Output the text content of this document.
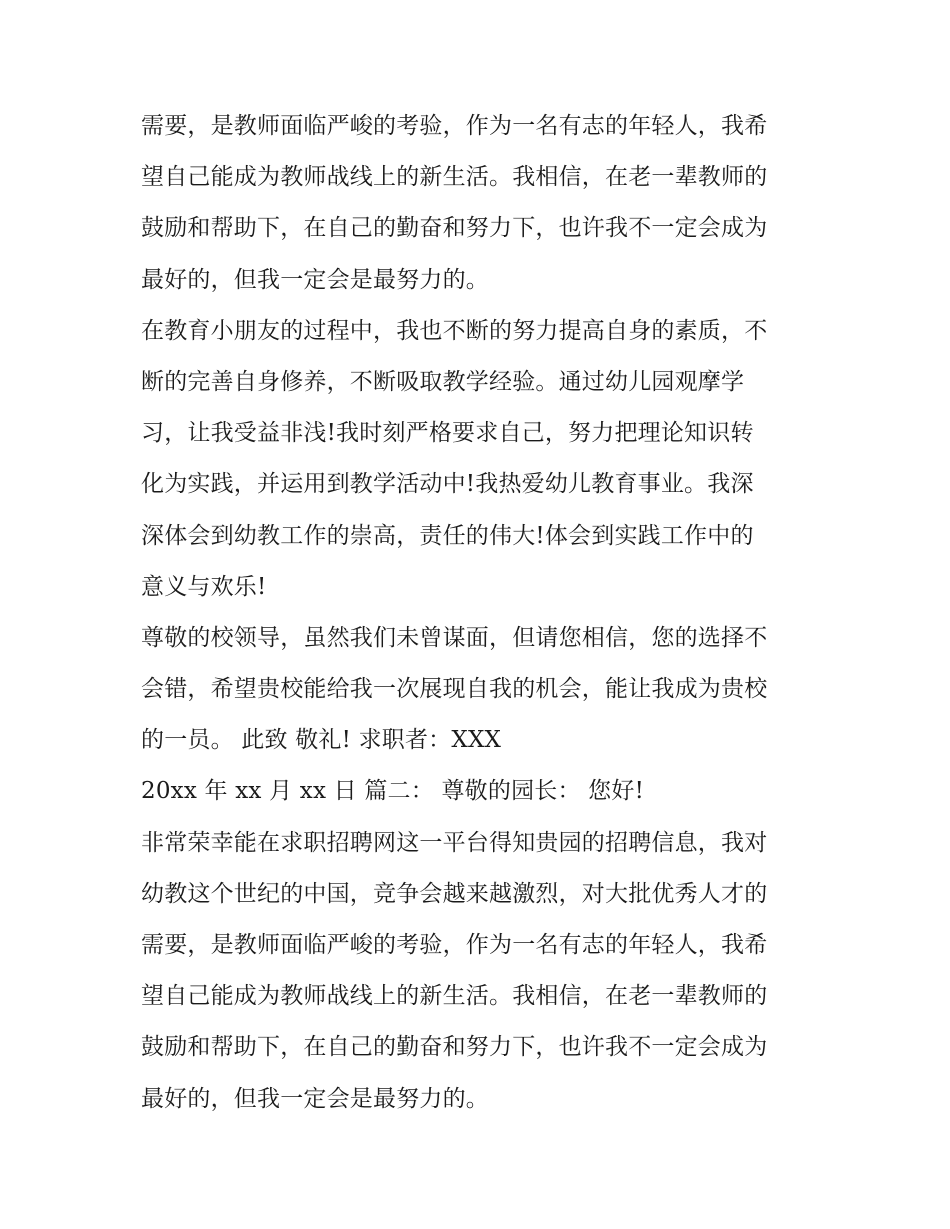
需要，是教师面临严峻的考验，作为一名有志的年轻人，我希
望自己能成为教师战线上的新生活。我相信，在老一辈教师的
鼓励和帮助下，在自己的勤奋和努力下，也许我不一定会成为
最好的，但我一定会是最努力的。
在教育小朋友的过程中，我也不断的努力提高自身的素质，不
断的完善自身修养，不断吸取教学经验。通过幼儿园观摩学
习，让我受益非浅!我时刻严格要求自己，努力把理论知识转
化为实践，并运用到教学活动中!我热爱幼儿教育事业。我深
深体会到幼教工作的崇高，责任的伟大!体会到实践工作中的
意义与欢乐!
尊敬的校领导，虽然我们未曾谋面，但请您相信，您的选择不
会错，希望贵校能给我一次展现自我的机会，能让我成为贵校
的一员。 此致 敬礼! 求职者：XXX
20xx 年 xx 月 xx 日 篇二： 尊敬的园长： 您好!
非常荣幸能在求职招聘网这一平台得知贵园的招聘信息，我对
幼教这个世纪的中国，竞争会越来越激烈，对大批优秀人才的
需要，是教师面临严峻的考验，作为一名有志的年轻人，我希
望自己能成为教师战线上的新生活。我相信，在老一辈教师的
鼓励和帮助下，在自己的勤奋和努力下，也许我不一定会成为
最好的，但我一定会是最努力的。
